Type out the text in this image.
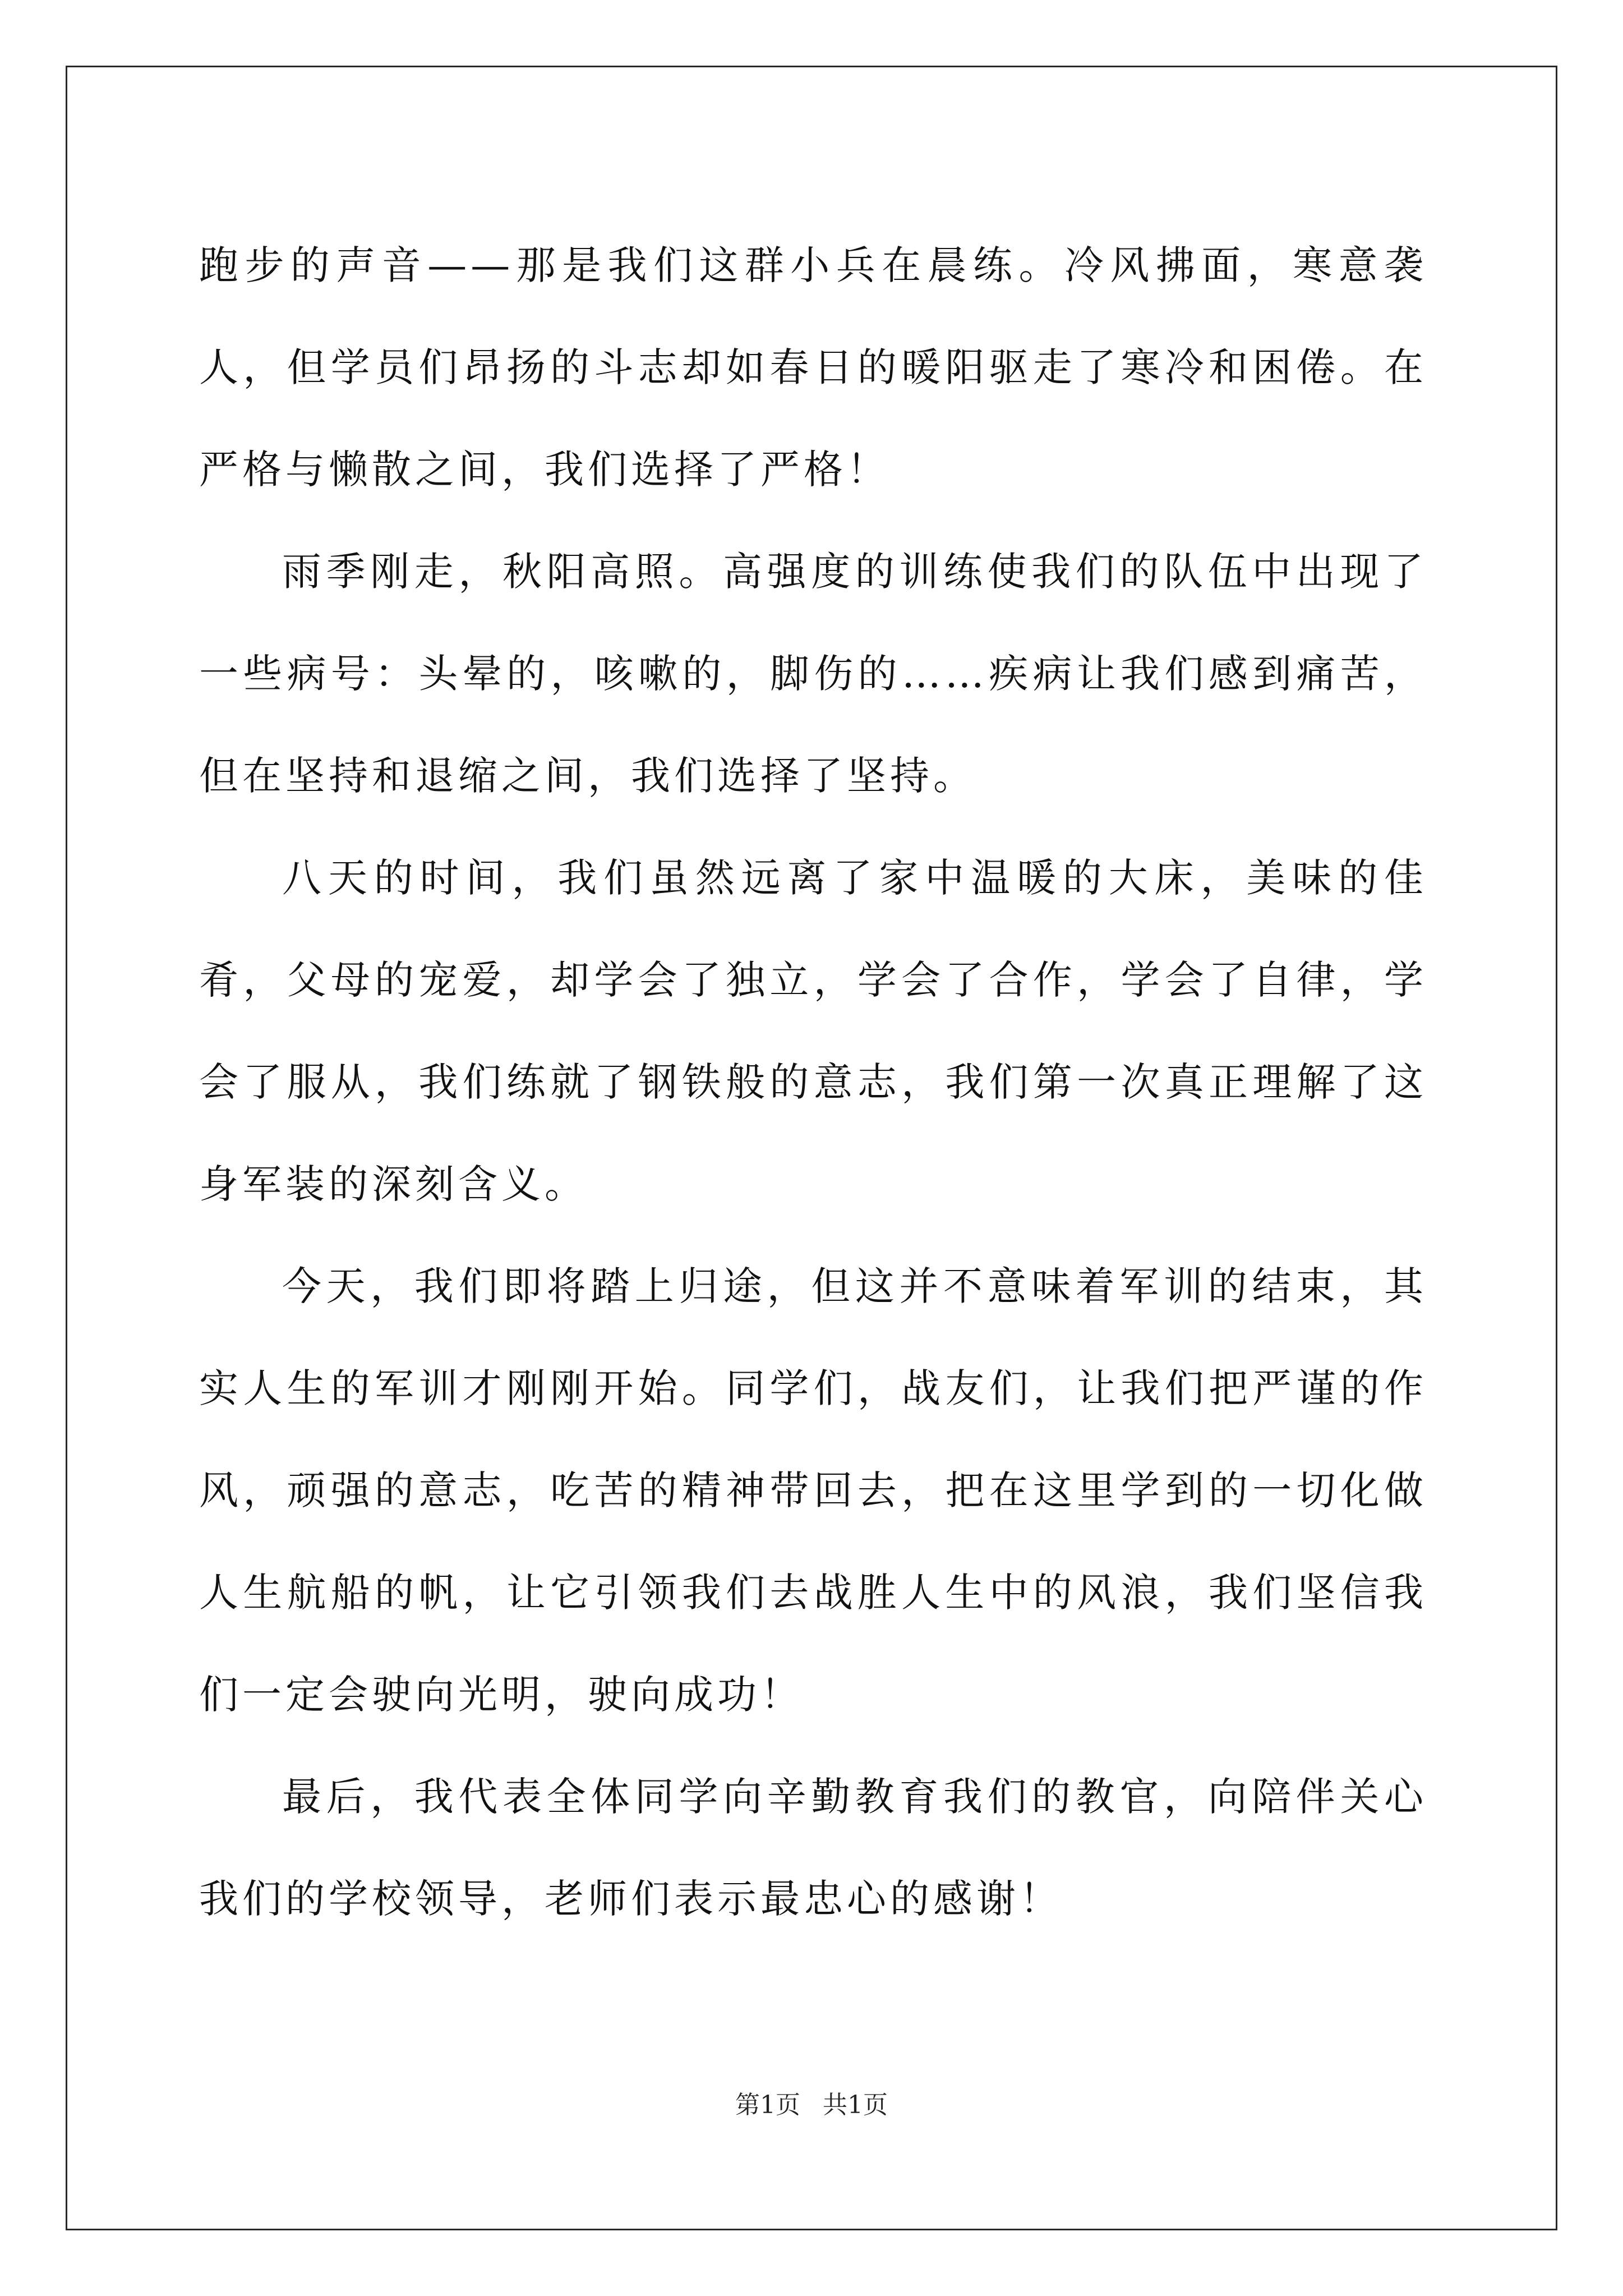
跑步的声音——那是我们这群小兵在晨练。冷风拂面，寒意袭人，但学员们昂扬的斗志却如春日的暖阳驱走了寒冷和困倦。在严格与懒散之间，我们选择了严格！

雨季刚走，秋阳高照。高强度的训练使我们的队伍中出现了一些病号：头晕的，咳嗽的，脚伤的……疾病让我们感到痛苦，但在坚持和退缩之间，我们选择了坚持。

八天的时间，我们虽然远离了家中温暖的大床，美味的佳肴，父母的宠爱，却学会了独立，学会了合作，学会了自律，学会了服从，我们练就了钢铁般的意志，我们第一次真正理解了这身军装的深刻含义。

今天，我们即将踏上归途，但这并不意味着军训的结束，其实人生的军训才刚刚开始。同学们，战友们，让我们把严谨的作风，顽强的意志，吃苦的精神带回去，把在这里学到的一切化做人生航船的帆，让它引领我们去战胜人生中的风浪，我们坚信我们一定会驶向光明，驶向成功！

最后，我代表全体同学向辛勤教育我们的教官，向陪伴关心我们的学校领导，老师们表示最忠心的感谢！

第1页 共1页
